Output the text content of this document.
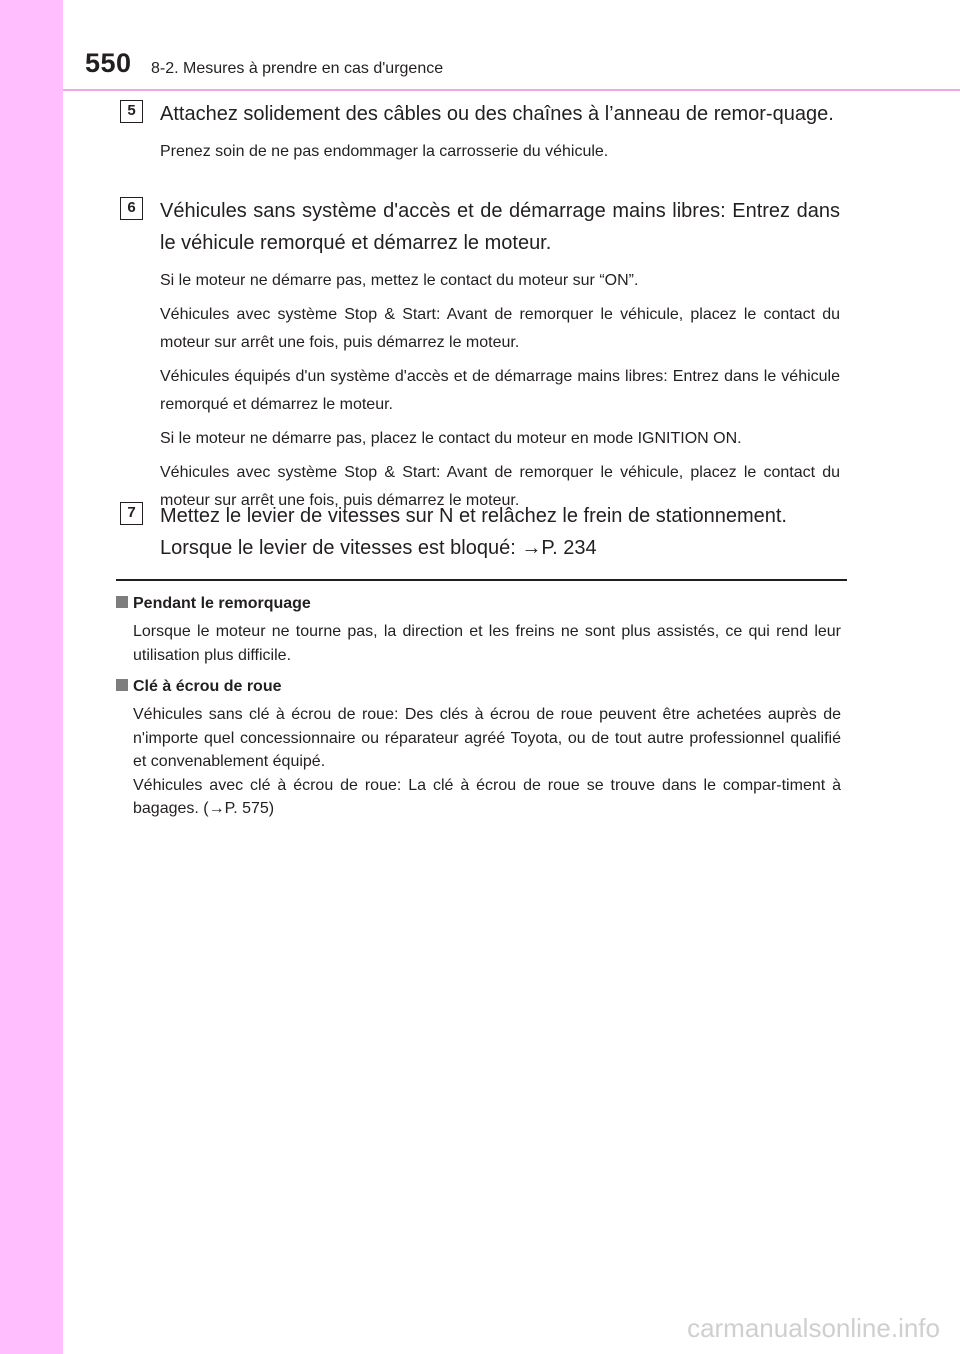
550 8-2. Mesures à prendre en cas d'urgence
5	Attachez solidement des câbles ou des chaînes à l’anneau de remor-quage.
Prenez soin de ne pas endommager la carrosserie du véhicule.
6	Véhicules sans système d'accès et de démarrage mains libres: Entrez dans le véhicule remorqué et démarrez le moteur.
Si le moteur ne démarre pas, mettez le contact du moteur sur “ON”.
Véhicules avec système Stop & Start: Avant de remorquer le véhicule, placez le contact du moteur sur arrêt une fois, puis démarrez le moteur.
Véhicules équipés d'un système d'accès et de démarrage mains libres: Entrez dans le véhicule remorqué et démarrez le moteur.
Si le moteur ne démarre pas, placez le contact du moteur en mode IGNITION ON.
Véhicules avec système Stop & Start: Avant de remorquer le véhicule, placez le contact du moteur sur arrêt une fois, puis démarrez le moteur.
7	Mettez le levier de vitesses sur N et relâchez le frein de stationnement.
Lorsque le levier de vitesses est bloqué: →P. 234
Pendant le remorquage
Lorsque le moteur ne tourne pas, la direction et les freins ne sont plus assistés, ce qui rend leur utilisation plus difficile.
Clé à écrou de roue
Véhicules sans clé à écrou de roue: Des clés à écrou de roue peuvent être achetées auprès de n'importe quel concessionnaire ou réparateur agréé Toyota, ou de tout autre professionnel qualifié et convenablement équipé.
Véhicules avec clé à écrou de roue: La clé à écrou de roue se trouve dans le compar-timent à bagages. (→P. 575)
carmanualsonline.info
